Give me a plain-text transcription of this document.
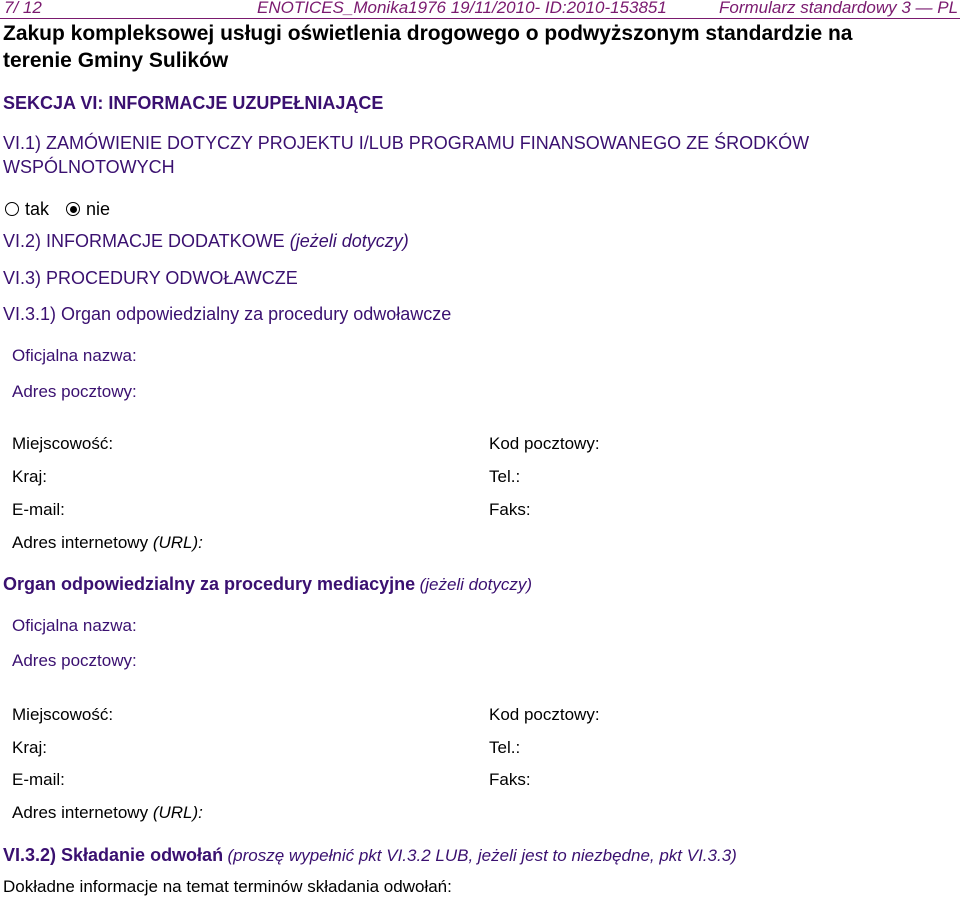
7/ 12	ENOTICES_Monika1976 19/11/2010- ID:2010-153851	Formularz standardowy 3 — PL
Zakup kompleksowej usługi oświetlenia drogowego o podwyższonym standardzie na
terenie Gminy Sulików
SEKCJA VI: INFORMACJE UZUPEŁNIAJĄCE
VI.1) ZAMÓWIENIE DOTYCZY PROJEKTU I/LUB PROGRAMU FINANSOWANEGO ZE ŚRODKÓW
WSPÓLNOTOWYCH
tak nie
VI.2) INFORMACJE DODATKOWE (jeżeli dotyczy)
VI.3) PROCEDURY ODWOŁAWCZE
VI.3.1) Organ odpowiedzialny za procedury odwoławcze
Oficjalna nazwa:
Adres pocztowy:
Miejscowość:	Kod pocztowy:
Kraj:	Tel.:
E-mail:	Faks:
Adres internetowy (URL):
Organ odpowiedzialny za procedury mediacyjne (jeżeli dotyczy)
Oficjalna nazwa:
Adres pocztowy:
Miejscowość:	Kod pocztowy:
Kraj:	Tel.:
E-mail:	Faks:
Adres internetowy (URL):
VI.3.2) Składanie odwołań (proszę wypełnić pkt VI.3.2 LUB, jeżeli jest to niezbędne, pkt VI.3.3)
Dokładne informacje na temat terminów składania odwołań:
